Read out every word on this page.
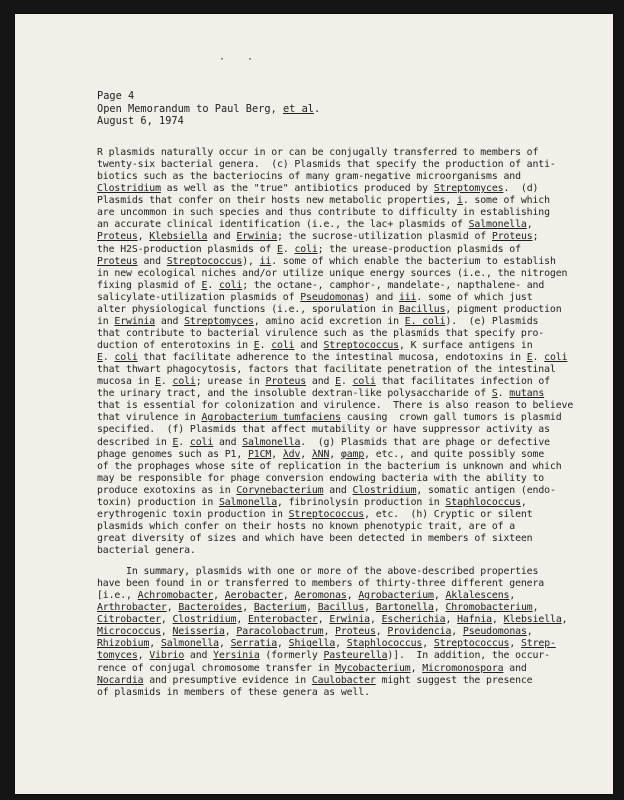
··
Page 4
Open Memorandum to Paul Berg, et al.
August 6, 1974
R plasmids naturally occur in or can be conjugally transferred to members of
twenty-six bacterial genera.  (c) Plasmids that specify the production of anti-
biotics such as the bacteriocins of many gram-negative microorganisms and
Clostridium as well as the "true" antibiotics produced by Streptomyces.  (d)
Plasmids that confer on their hosts new metabolic properties, i. some of which
are uncommon in such species and thus contribute to difficulty in establishing
an accurate clinical identification (i.e., the lac+ plasmids of Salmonella,
Proteus, Klebsiella and Erwinia; the sucrose-utilization plasmid of Proteus;
the H2S-production plasmids of E. coli; the urease-production plasmids of
Proteus and Streptococcus), ii. some of which enable the bacterium to establish
in new ecological niches and/or utilize unique energy sources (i.e., the nitrogen
fixing plasmid of E. coli; the octane-, camphor-, mandelate-, napthalene- and
salicylate-utilization plasmids of Pseudomonas) and iii. some of which just
alter physiological functions (i.e., sporulation in Bacillus, pigment production
in Erwinia and Streptomyces, amino acid excretion in E. coli).  (e) Plasmids
that contribute to bacterial virulence such as the plasmids that specify pro-
duction of enterotoxins in E. coli and Streptococcus, K surface antigens in
E. coli that facilitate adherence to the intestinal mucosa, endotoxins in E. coli
that thwart phagocytosis, factors that facilitate penetration of the intestinal
mucosa in E. coli; urease in Proteus and E. coli that facilitates infection of
the urinary tract, and the insoluble dextran-like polysaccharide of S. mutans
that is essential for colonization and virulence.  There is also reason to believe
that virulence in Agrobacterium tumfaciens causing  crown gall tumors is plasmid
specified.  (f) Plasmids that affect mutability or have suppressor activity as
described in E. coli and Salmonella.  (g) Plasmids that are phage or defective
phage genomes such as P1, P1CM, λdv, λNN, φamp, etc., and quite possibly some
of the prophages whose site of replication in the bacterium is unknown and which
may be responsible for phage conversion endowing bacteria with the ability to
produce exotoxins as in Corynebacterium and Clostridium, somatic antigen (endo-
toxin) production in Salmonella, fibrinolysin production in Staphlococcus,
erythrogenic toxin production in Streptococcus, etc.  (h) Cryptic or silent
plasmids which confer on their hosts no known phenotypic trait, are of a
great diversity of sizes and which have been detected in members of sixteen
bacterial genera.
In summary, plasmids with one or more of the above-described properties
have been found in or transferred to members of thirty-three different genera
[i.e., Achromobacter, Aerobacter, Aeromonas, Agrobacterium, Aklalescens,
Arthrobacter, Bacteroides, Bacterium, Bacillus, Bartonella, Chromobacterium,
Citrobacter, Clostridium, Enterobacter, Erwinia, Escherichia, Hafnia, Klebsiella,
Micrococcus, Neisseria, Paracolobactrum, Proteus, Providencia, Pseudomonas,
Rhizobium, Salmonella, Serratia, Shigella, Staphlococcus, Streptococcus, Strep-
tomyces, Vibrio and Yersinia (formerly Pasteurella)].  In addition, the occur-
rence of conjugal chromosome transfer in Mycobacterium, Micromonospora and
Nocardia and presumptive evidence in Caulobacter might suggest the presence
of plasmids in members of these genera as well.
